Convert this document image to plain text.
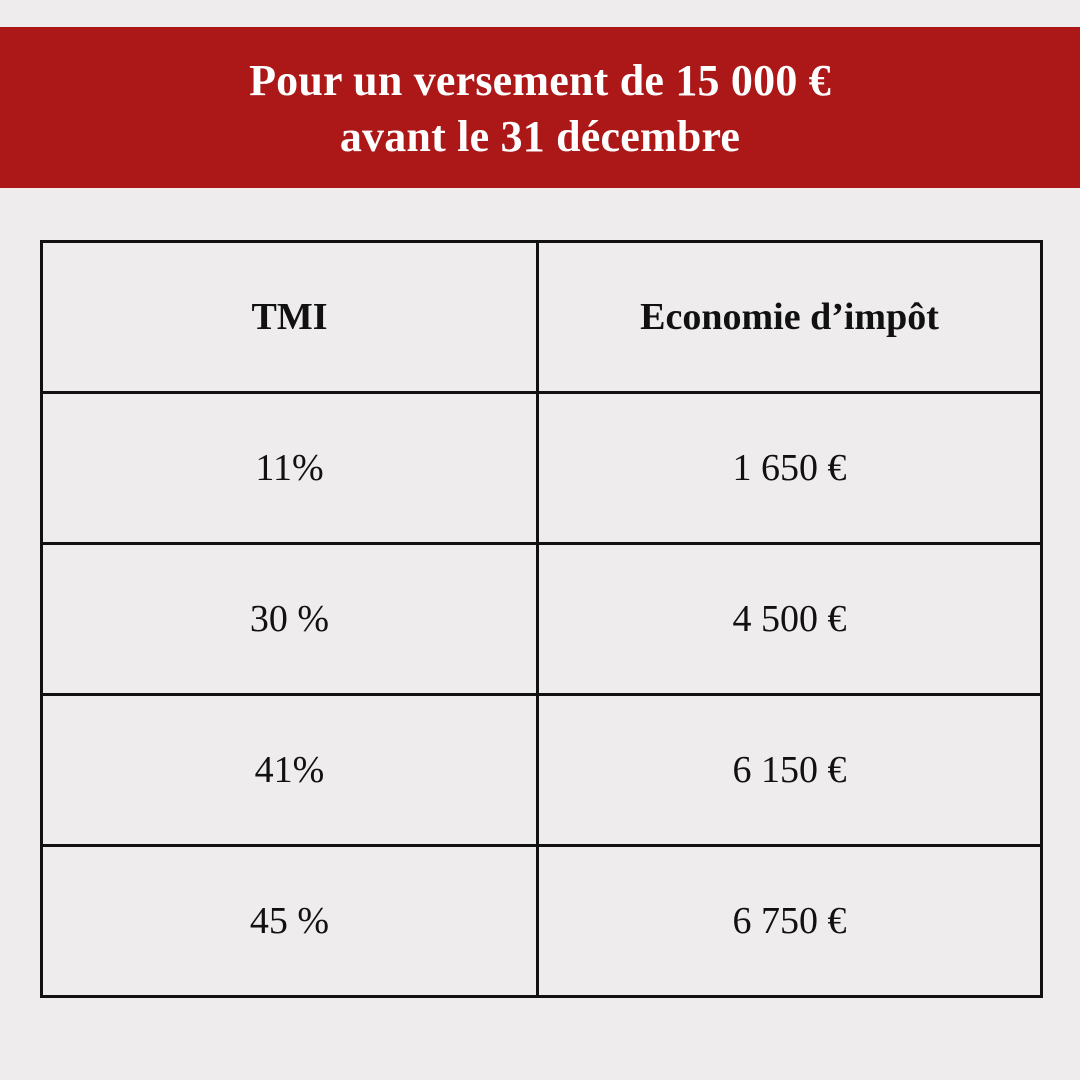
Pour un versement de 15 000 €
avant le 31 décembre
TMI	Economie d’impôt
11%	1 650 €
30 %	4 500 €
41%	6 150 €
45 %	6 750 €
